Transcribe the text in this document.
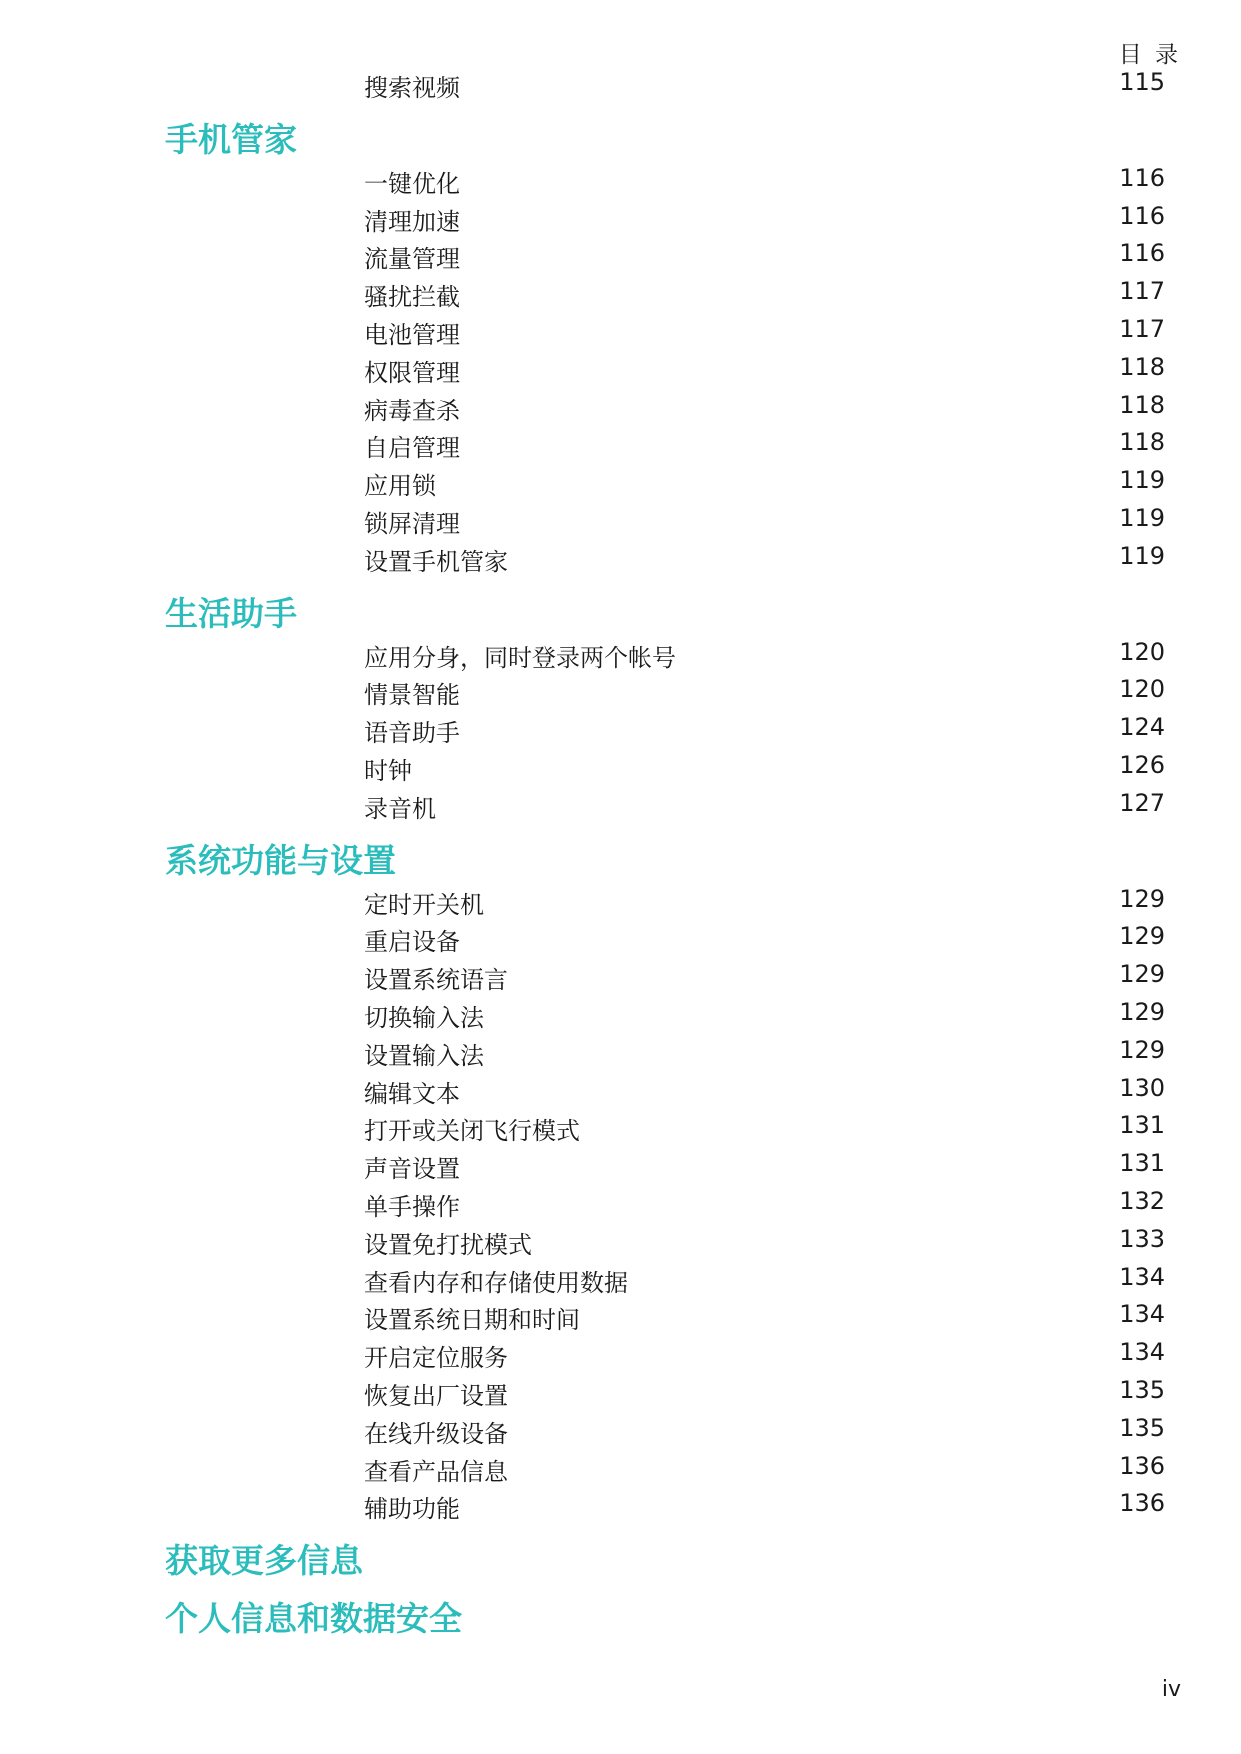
目 录
搜索视频	115
手机管家
一键优化	116
清理加速	116
流量管理	116
骚扰拦截	117
电池管理	117
权限管理	118
病毒查杀	118
自启管理	118
应用锁	119
锁屏清理	119
设置手机管家	119
生活助手
应用分身，同时登录两个帐号	120
情景智能	120
语音助手	124
时钟	126
录音机	127
系统功能与设置
定时开关机	129
重启设备	129
设置系统语言	129
切换输入法	129
设置输入法	129
编辑文本	130
打开或关闭飞行模式	131
声音设置	131
单手操作	132
设置免打扰模式	133
查看内存和存储使用数据	134
设置系统日期和时间	134
开启定位服务	134
恢复出厂设置	135
在线升级设备	135
查看产品信息	136
辅助功能	136
获取更多信息
个人信息和数据安全
iv
